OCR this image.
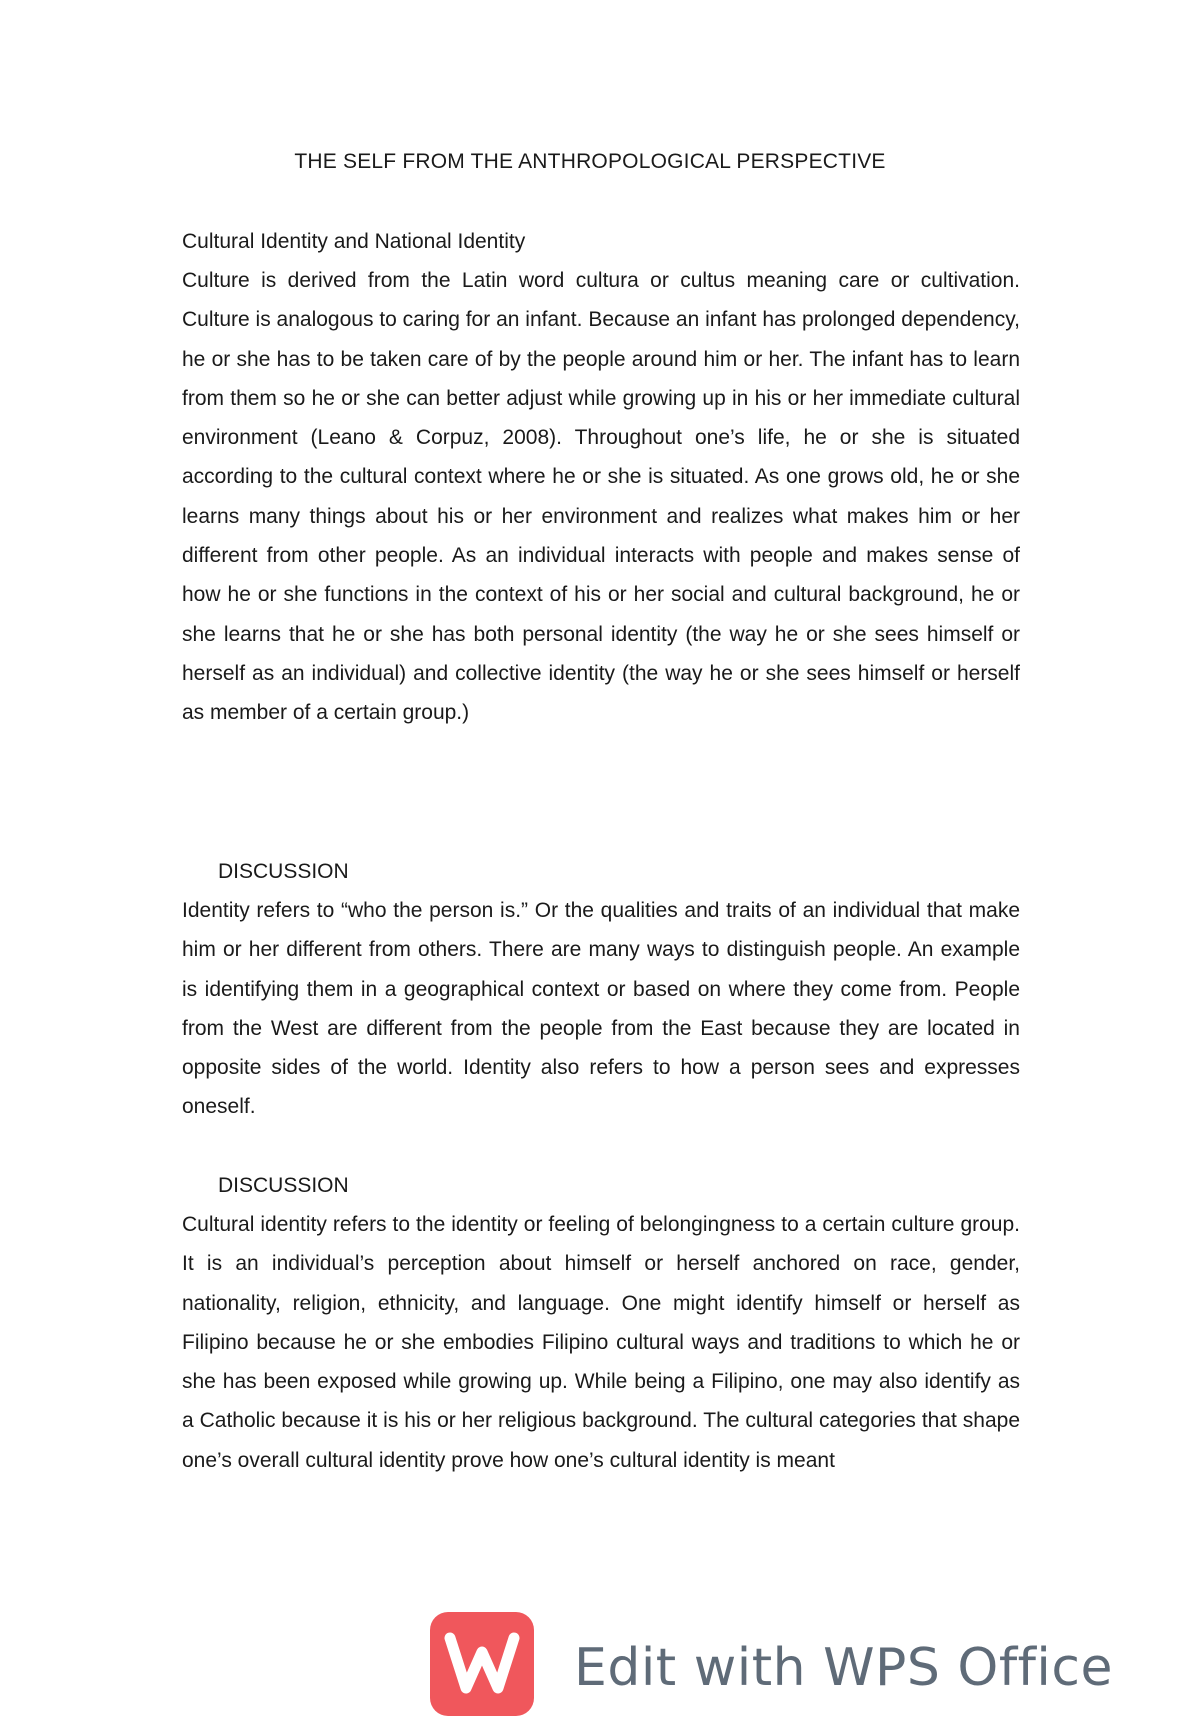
THE SELF FROM THE ANTHROPOLOGICAL PERSPECTIVE
Cultural Identity and National Identity

Culture is derived from the Latin word cultura or cultus meaning care or cultivation. Culture is analogous to caring for an infant. Because an infant has prolonged dependency, he or she has to be taken care of by the people around him or her. The infant has to learn from them so he or she can better adjust while growing up in his or her immediate cultural environment (Leano & Corpuz, 2008). Throughout one’s life, he or she is situated according to the cultural context where he or she is situated. As one grows old, he or she learns many things about his or her environment and realizes what makes him or her different from other people. As an individual interacts with people and makes sense of how he or she functions in the context of his or her social and cultural background, he or she learns that he or she has both personal identity (the way he or she sees himself or herself as an individual) and collective identity (the way he or she sees himself or herself as member of a certain group.)

DISCUSSION

Identity refers to “who the person is.” Or the qualities and traits of an individual that make him or her different from others. There are many ways to distinguish people. An example is identifying them in a geographical context or based on where they come from. People from the West are different from the people from the East because they are located in opposite sides of the world. Identity also refers to how a person sees and expresses oneself.

DISCUSSION

Cultural identity refers to the identity or feeling of belongingness to a certain culture group. It is an individual’s perception about himself or herself anchored on race, gender, nationality, religion, ethnicity, and language. One might identify himself or herself as Filipino because he or she embodies Filipino cultural ways and traditions to which he or she has been exposed while growing up. While being a Filipino, one may also identify as a Catholic because it is his or her religious background. The cultural categories that shape one’s overall cultural identity prove how one’s cultural identity is meant

Edit with WPS Office
